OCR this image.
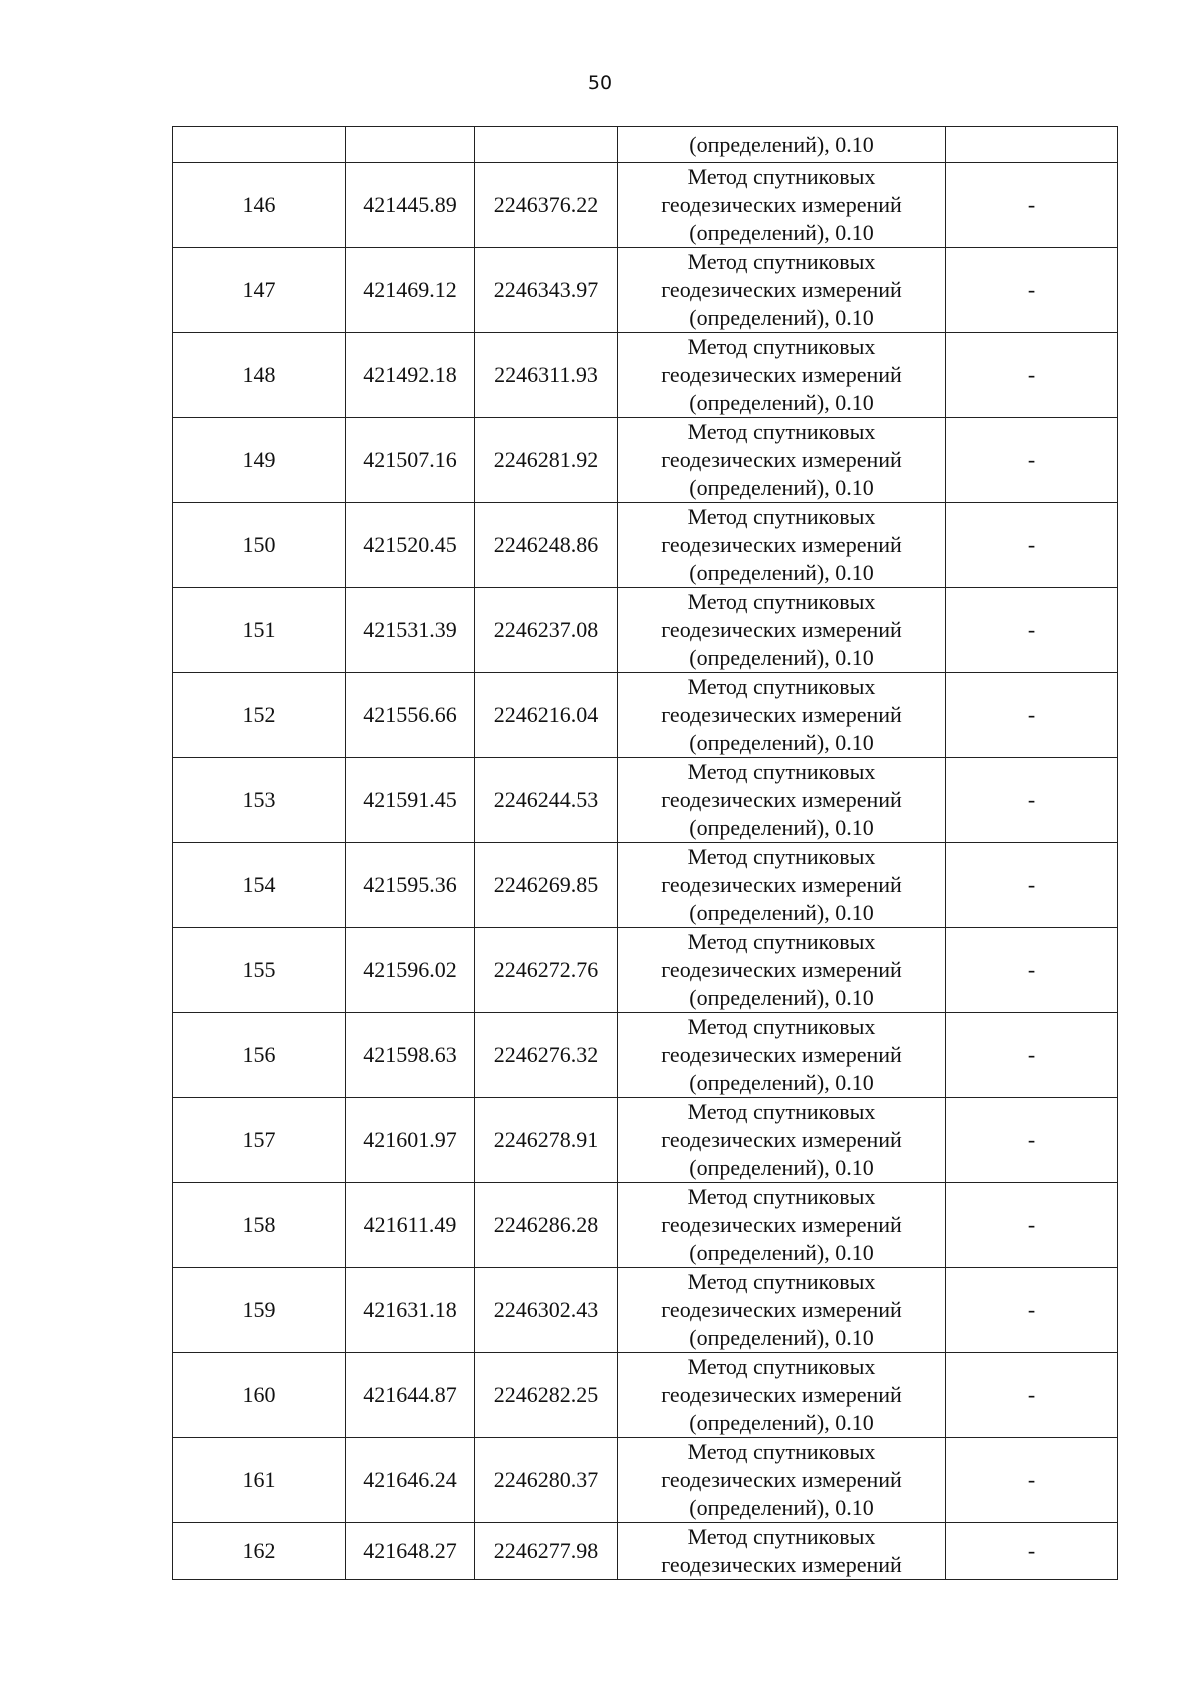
50
			(определений), 0.10	
146	421445.89	2246376.22	Метод спутниковых
геодезических измерений
(определений), 0.10	-
147	421469.12	2246343.97	Метод спутниковых
геодезических измерений
(определений), 0.10	-
148	421492.18	2246311.93	Метод спутниковых
геодезических измерений
(определений), 0.10	-
149	421507.16	2246281.92	Метод спутниковых
геодезических измерений
(определений), 0.10	-
150	421520.45	2246248.86	Метод спутниковых
геодезических измерений
(определений), 0.10	-
151	421531.39	2246237.08	Метод спутниковых
геодезических измерений
(определений), 0.10	-
152	421556.66	2246216.04	Метод спутниковых
геодезических измерений
(определений), 0.10	-
153	421591.45	2246244.53	Метод спутниковых
геодезических измерений
(определений), 0.10	-
154	421595.36	2246269.85	Метод спутниковых
геодезических измерений
(определений), 0.10	-
155	421596.02	2246272.76	Метод спутниковых
геодезических измерений
(определений), 0.10	-
156	421598.63	2246276.32	Метод спутниковых
геодезических измерений
(определений), 0.10	-
157	421601.97	2246278.91	Метод спутниковых
геодезических измерений
(определений), 0.10	-
158	421611.49	2246286.28	Метод спутниковых
геодезических измерений
(определений), 0.10	-
159	421631.18	2246302.43	Метод спутниковых
геодезических измерений
(определений), 0.10	-
160	421644.87	2246282.25	Метод спутниковых
геодезических измерений
(определений), 0.10	-
161	421646.24	2246280.37	Метод спутниковых
геодезических измерений
(определений), 0.10	-
162	421648.27	2246277.98	Метод спутниковых
геодезических измерений	-
